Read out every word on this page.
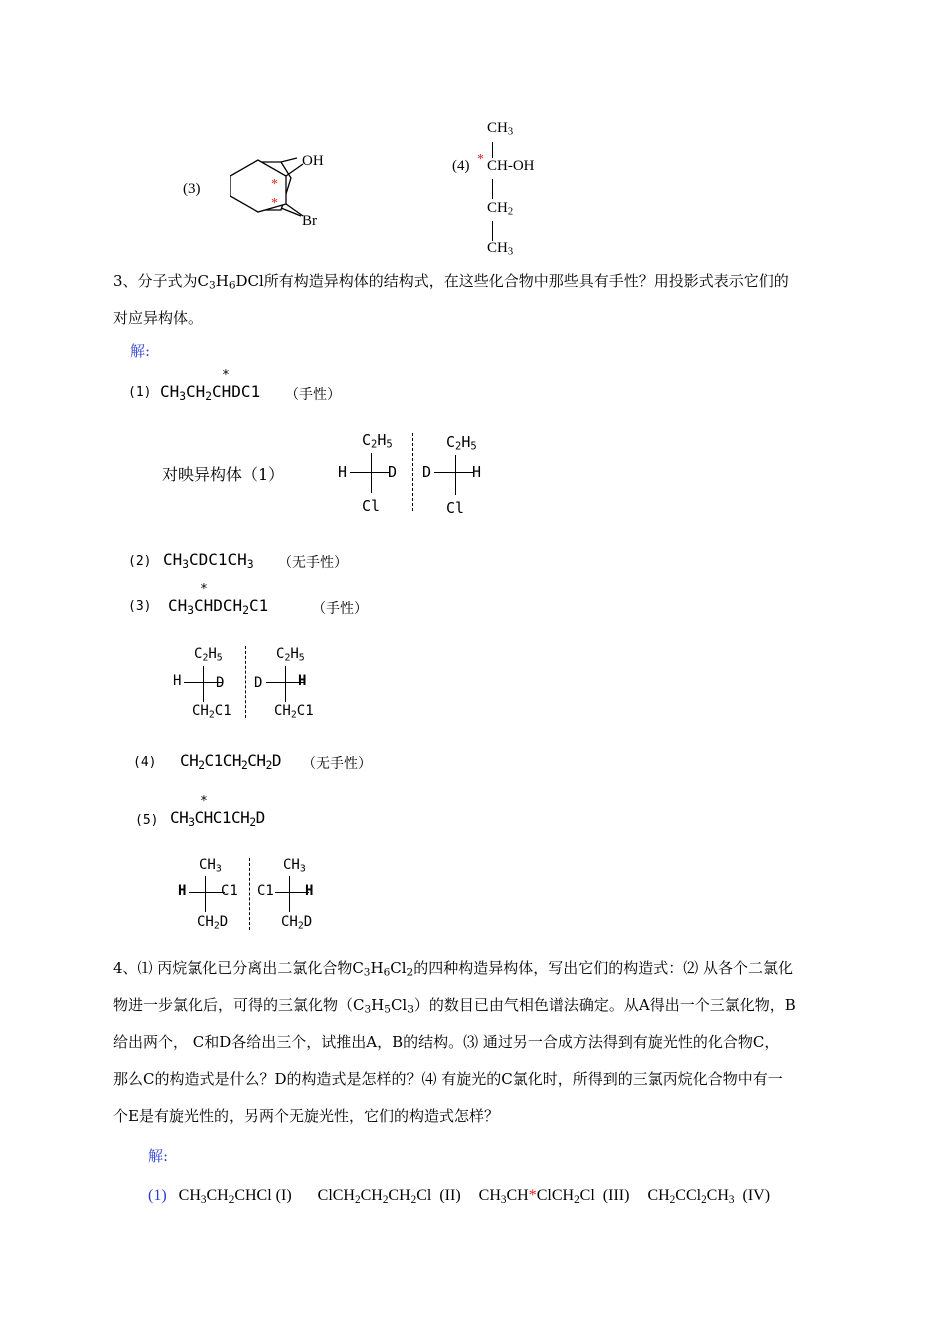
(3)
OH
Br
*
*
$CH_3$
(4) * CH-OH
$CH_2$
$CH_3$
3、分子式为$C_3H_6DCl$所有构造异构体的结构式，在这些化合物中那些具有手性？用投影式表示它们的
对应异构体。
解:
(1) $CH_3CH_2CHDC1$
*
（手性）
对映异构体（1）
$C_2H_5$
H	D
Cl
$C_2H_5$
D	H
Cl
(2) $CH_3CDC1CH_3$ （无手性）
(3) $CH_3CHDCH_2C1$
*
（手性）
$C_2H_5$
H D
$CH_2C1$
$C_2H_5$
D	H
$CH_2C1$
(4) $CH_2C1CH_2CH_2D$ （无手性）
(5) $CH_3CHC1CH_2D$
*
$CH_3$
H C1
$CH_2D$
$CH_3$
C1 H
$CH_2D$
4、⑴ 丙烷氯化已分离出二氯化合物$C_3H_6Cl_2$的四种构造异构体，写出它们的构造式：⑵ 从各个二氯化
物进一步氯化后，可得的三氯化物$(C_3H_5Cl_3)$的数目已由气相色谱法确定。从A得出一个三氯化物，B
给出两个， C和D各给出三个，试推出A，B的结构。⑶ 通过另一合成方法得到有旋光性的化合物C，
那么C的构造式是什么？D的构造式是怎样的？⑷ 有旋光的C氯化时，所得到的三氯丙烷化合物中有一
个E是有旋光性的，另两个无旋光性，它们的构造式怎样？
解:
(1) $CH_3CH_2CHCl$ (I) $ClCH_2CH_2CH_2Cl$  (II) $CH_3CH*ClCH_2Cl$  (III) $CH_2CCl_2CH_3$  (IV)
